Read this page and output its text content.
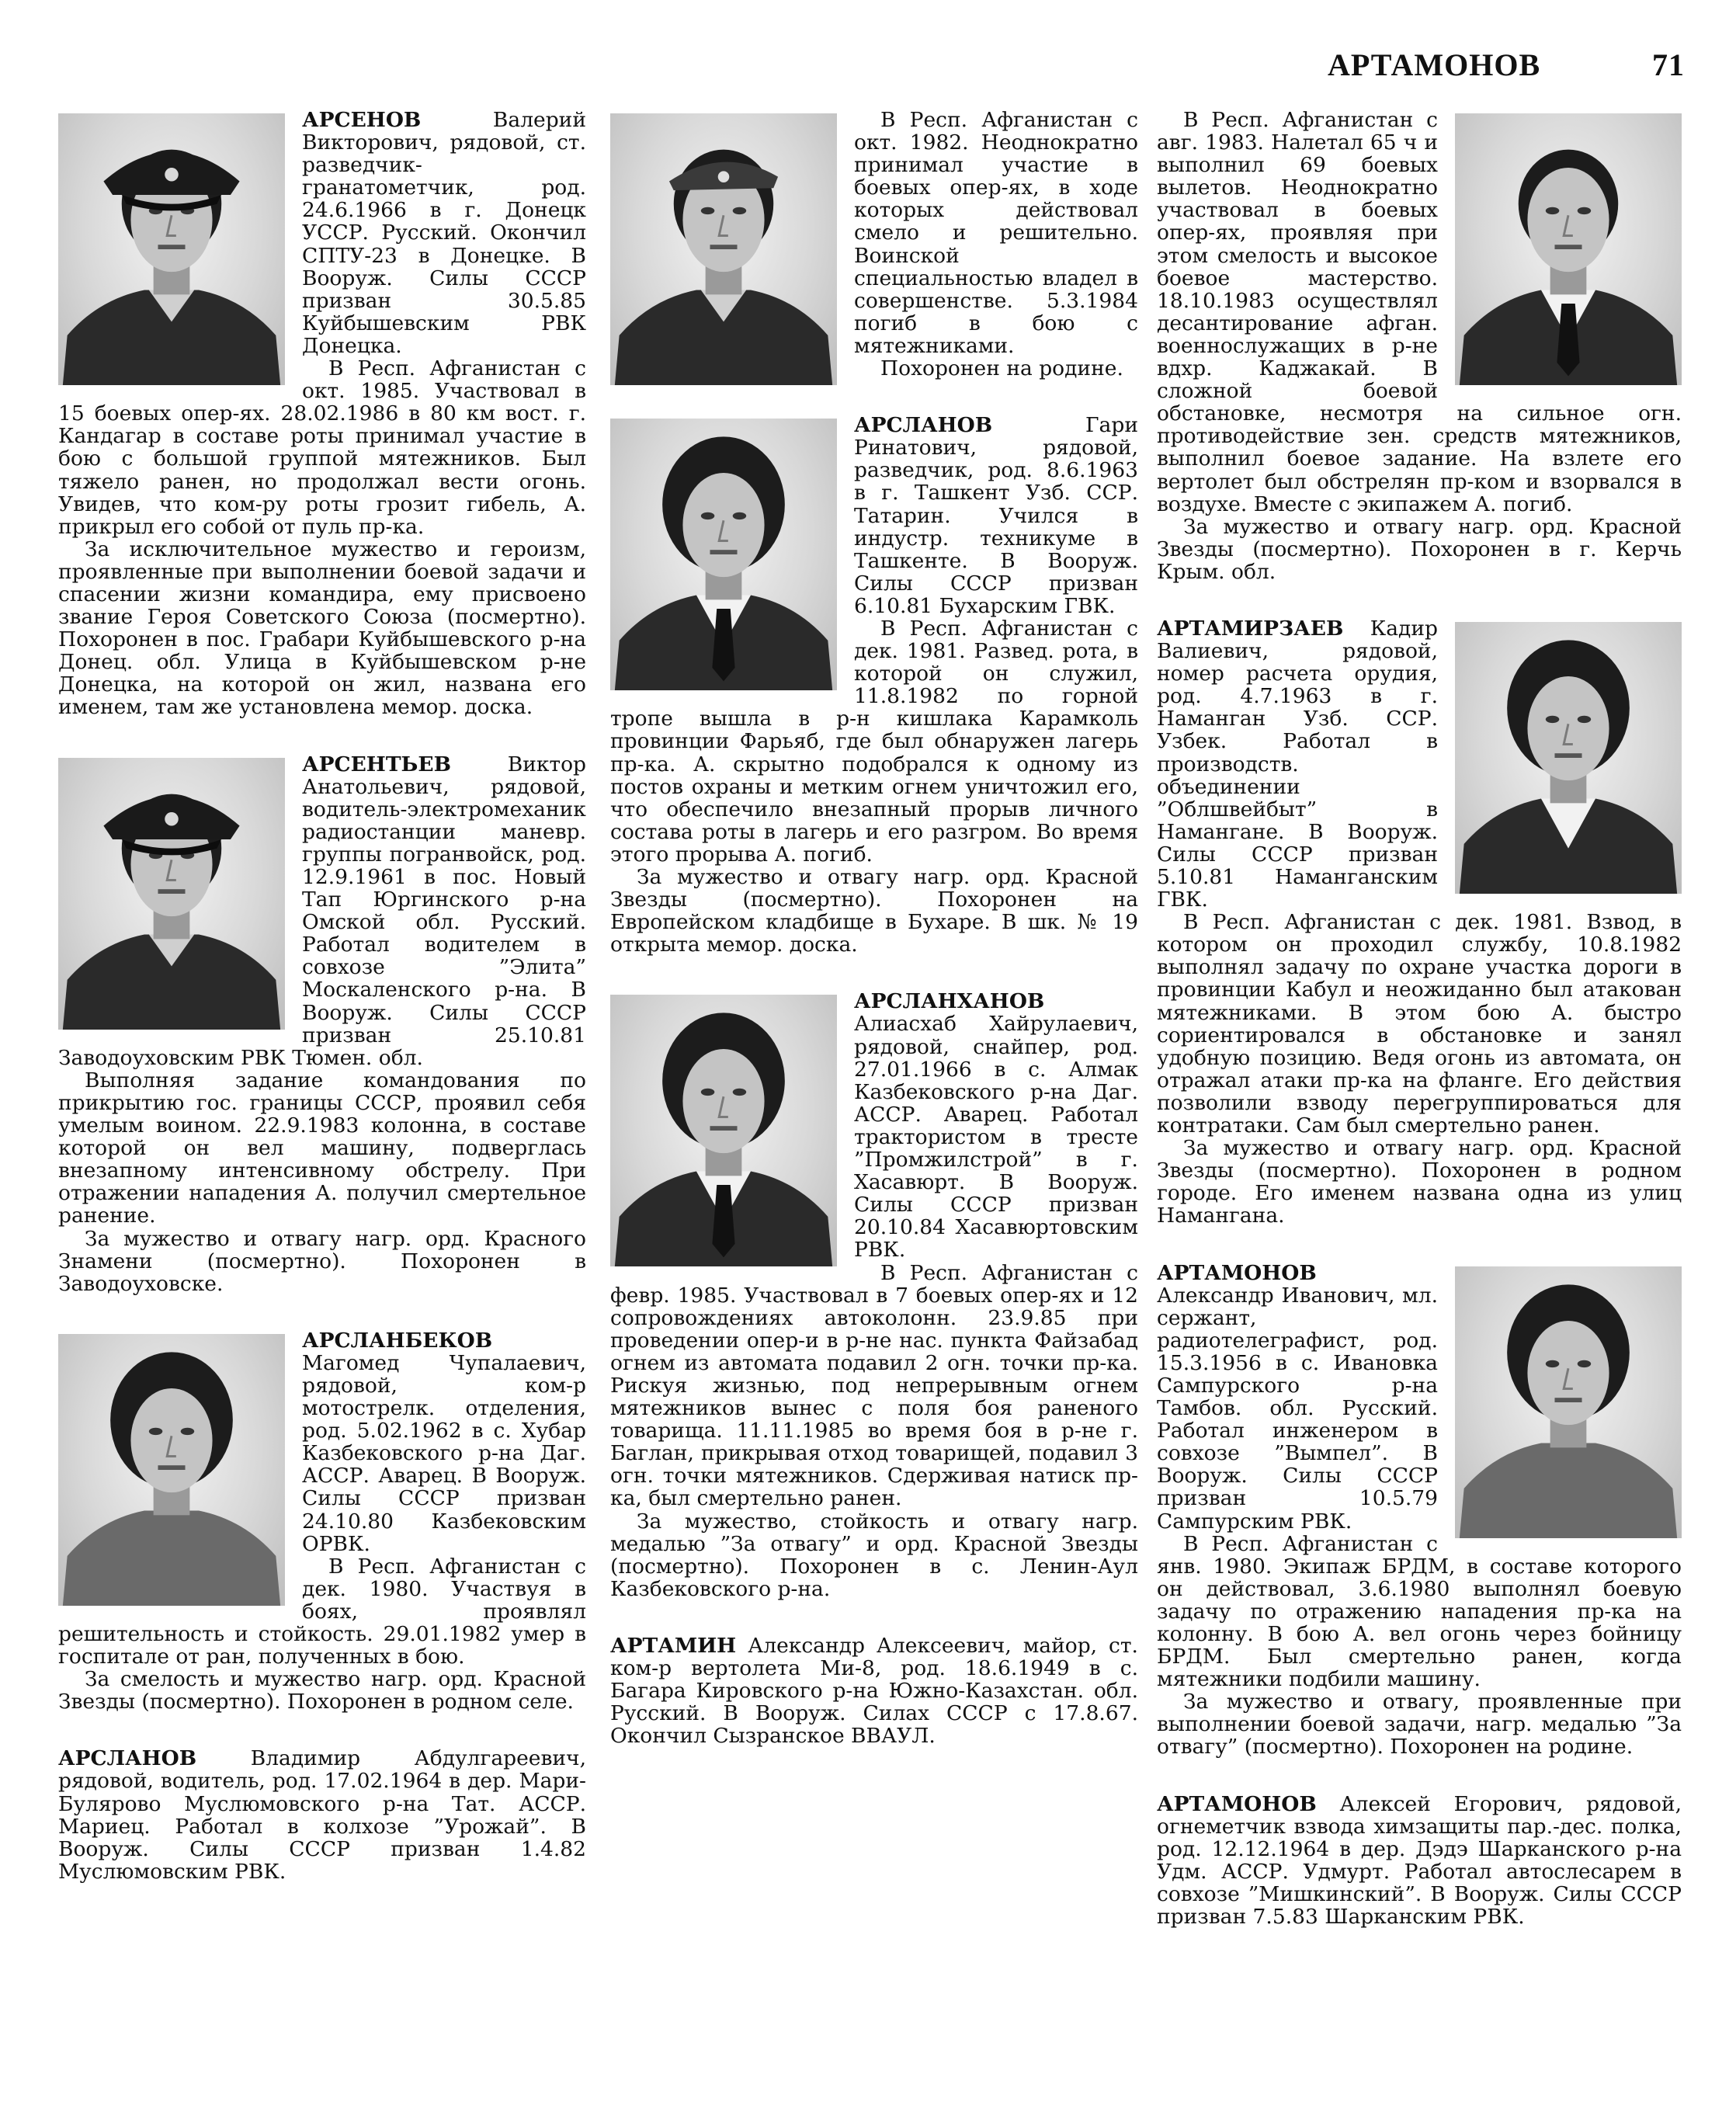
АРТАМОНОВ	71

АРСЕНОВ	Валерий Викторович, рядовой, ст. разведчик-гранатометчик, род. 24.6.1966 в г. Донецк УССР. Русский. Окончил СПТУ-23 в Донецке. В Вооруж. Силы СССР призван 30.5.85 Куйбышевским РВК Донецка.

В Респ. Афганистан с окт. 1985. Участвовал в 15 боевых опер-ях. 28.02.1986 в 80 км вост. г. Кандагар в составе роты принимал участие в бою с большой группой мятежников. Был тяжело ранен, но продолжал вести огонь. Увидев, что ком-ру роты грозит гибель, А. прикрыл его собой от пуль пр-ка.

За исключительное мужество и героизм, проявленные при выполнении боевой задачи и спасении жизни командира, ему присвоено звание Героя Советского Союза (посмертно). Похоронен в пос. Грабари Куйбышевского р-на Донец. обл. Улица в Куйбышевском р-не Донецка, на которой он жил, названа его именем, там же установлена мемор. доска.

АРСЕНТЬЕВ	Виктор Анатольевич, рядовой, водитель-электромеханик радиостанции маневр. группы погранвойск, род. 12.9.1961 в пос. Новый Тап Юргинского р-на Омской обл. Русский. Работал водителем в совхозе ”Элита” Москаленского р-на. В Вооруж. Силы СССР призван 25.10.81 Заводоуховским РВК Тюмен. обл.

Выполняя задание командования по прикрытию гос. границы СССР, проявил себя умелым воином. 22.9.1983 колонна, в составе которой он вел машину, подверглась внезапному интенсивному обстрелу. При отражении нападения А. получил смертельное ранение.

За мужество и отвагу нагр. орд. Красного Знамени (посмертно). Похоронен в Заводоуховске.

АРСЛАНБЕКОВ Магомед Чупалаевич, рядовой, ком-р мотострелк. отделения, род. 5.02.1962 в с. Хубар Казбековского р-на Даг. АССР. Аварец. В Вооруж. Силы СССР призван 24.10.80 Казбековским ОРВК.

В Респ. Афганистан с дек. 1980. Участвуя в боях, проявлял решительность и стойкость. 29.01.1982 умер в госпитале от ран, полученных в бою.

За смелость и мужество нагр. орд. Красной Звезды (посмертно). Похоронен в родном селе.

АРСЛАНОВ	Владимир Абдулгареевич, рядовой, водитель, род. 17.02.1964 в дер. Мари-Булярово Муслюмовского р-на Тат. АССР. Мариец. Работал в колхозе ”Урожай”. В Вооруж. Силы СССР призван 1.4.82 Муслюмовским РВК.

В Респ. Афганистан с окт. 1982. Неоднократно принимал участие в боевых опер-ях, в ходе которых действовал смело и решительно. Воинской специальностью владел в совершенстве. 5.3.1984 погиб в бою с мятежниками.

Похоронен на родине.

АРСЛАНОВ	Гари Ринатович, рядовой, разведчик, род. 8.6.1963 в г. Ташкент Узб. ССР. Татарин. Учился в индустр. техникуме в Ташкенте. В Вооруж. Силы СССР призван 6.10.81 Бухарским ГВК.

В Респ. Афганистан с дек. 1981. Развед. рота, в которой он служил, 11.8.1982 по горной тропе вышла в р-н кишлака Карамколь провинции Фарьяб, где был обнаружен лагерь пр-ка. А. скрытно подобрался к одному из постов охраны и метким огнем уничтожил его, что обеспечило внезапный прорыв личного состава роты в лагерь и его разгром. Во время этого прорыва А. погиб.

За мужество и отвагу нагр. орд. Красной Звезды (посмертно). Похоронен на Европейском кладбище в Бухаре. В шк. № 19 открыта мемор. доска.

АРСЛАНХАНОВ Алиасхаб Хайрулаевич, рядовой, снайпер, род. 27.01.1966 в с. Алмак Казбековского р-на Даг. АССР. Аварец. Работал трактористом в тресте ”Промжилстрой” в г. Хасавюрт. В Вооруж. Силы СССР призван 20.10.84 Хасавюртовским РВК.

В Респ. Афганистан с февр. 1985. Участвовал в 7 боевых опер-ях и 12 сопровождениях автоколонн. 23.9.85 при проведении опер-и в р-не нас. пункта Файзабад огнем из автомата подавил 2 огн. точки пр-ка. Рискуя жизнью, под непрерывным огнем мятежников вынес с поля боя раненого товарища. 11.11.1985 во время боя в р-не г. Баглан, прикрывая отход товарищей, подавил 3 огн. точки мятежников. Сдерживая натиск пр-ка, был смертельно ранен.

За мужество, стойкость и отвагу нагр. медалью ”За отвагу” и орд. Красной Звезды (посмертно). Похоронен в с. Ленин-Аул Казбековского р-на.

АРТАМИН Александр Алексеевич, майор, ст. ком-р вертолета Ми-8, род. 18.6.1949 в с. Багара Кировского р-на Южно-Казахстан. обл. Русский. В Вооруж. Силах СССР с 17.8.67. Окончил Сызранское ВВАУЛ.

В Респ. Афганистан с авг. 1983. Налетал 65 ч и выполнил 69 боевых вылетов. Неоднократно участвовал в боевых опер-ях, проявляя при этом смелость и высокое боевое мастерство. 18.10.1983 осуществлял десантирование афган. военнослужащих в р-не вдхр. Каджакай. В сложной боевой обстановке, несмотря на сильное огн. противодействие зен. средств мятежников, выполнил боевое задание. На взлете его вертолет был обстрелян пр-ком и взорвался в воздухе. Вместе с экипажем А. погиб.

За мужество и отвагу нагр. орд. Красной Звезды (посмертно). Похоронен в г. Керчь Крым. обл.

АРТАМИРЗАЕВ Кадир Валиевич, рядовой, номер расчета орудия, род. 4.7.1963 в г. Наманган Узб. ССР. Узбек. Работал в производств. объединении ”Облшвейбыт” в Намангане. В Вооруж. Силы СССР призван 5.10.81 Наманганским ГВК.

В Респ. Афганистан с дек. 1981. Взвод, в котором он проходил службу, 10.8.1982 выполнял задачу по охране участка дороги в провинции Кабул и неожиданно был атакован мятежниками. В этом бою А. быстро сориентировался в обстановке и занял удобную позицию. Ведя огонь из автомата, он отражал атаки пр-ка на фланге. Его действия позволили взводу перегруппироваться для контратаки. Сам был смертельно ранен.

За мужество и отвагу нагр. орд. Красной Звезды (посмертно). Похоронен в родном городе. Его именем названа одна из улиц Намангана.

АРТАМОНОВ Александр Иванович, мл. сержант, радиотелеграфист, род. 15.3.1956 в с. Ивановка Сампурского р-на Тамбов. обл. Русский. Работал инженером в совхозе ”Вымпел”. В Вооруж. Силы СССР призван 10.5.79 Сампурским РВК.

В Респ. Афганистан с янв. 1980. Экипаж БРДМ, в составе которого он действовал, 3.6.1980 выполнял боевую задачу по отражению нападения пр-ка на колонну. В бою А. вел огонь через бойницу БРДМ. Был смертельно ранен, когда мятежники подбили машину.

За мужество и отвагу, проявленные при выполнении боевой задачи, нагр. медалью ”За отвагу” (посмертно). Похоронен на родине.

АРТАМОНОВ Алексей Егорович, рядовой, огнеметчик взвода химзащиты пар.-дес. полка, род. 12.12.1964 в дер. Дэдэ Шарканского р-на Удм. АССР. Удмурт. Работал автослесарем в совхозе ”Мишкинский”. В Вооруж. Силы СССР призван 7.5.83 Шарканским РВК.
